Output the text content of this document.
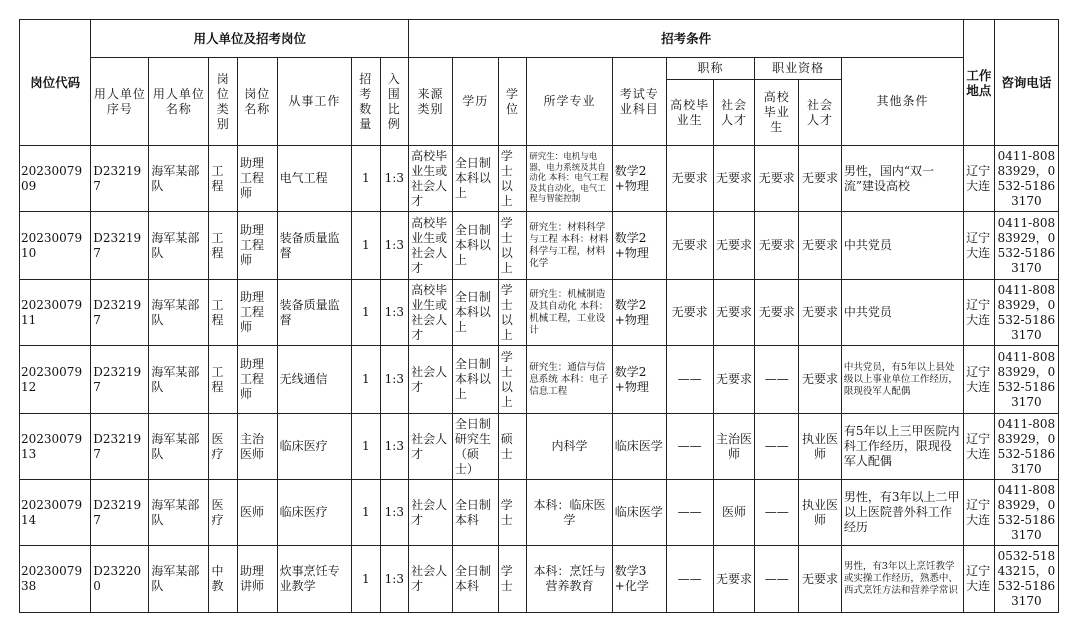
岗位代码	用人单位及招考岗位							招考条件										工作地点	咨询电话
	用人单位序号	用人单位名称	岗位类别	岗位名称	从事工作	招考数量	入围比例	来源类别	学历	学位	所学专业	考试专业科目	职称		职业资格		其他条件		
													高校毕业生	社会人才	高校毕业生	社会人才			
2023007909	D232197	海军某部队	工程	助理工程师	电气工程	1	1:3	高校毕业生或社会人才	全日制本科以上	学士以上	研究生：电机与电器，电力系统及其自动化 本科：电气工程及其自动化，电气工程与智能控制	数学2+物理	无要求	无要求	无要求	无要求	男性，国内“双一流”建设高校	辽宁大连	0411-80883929，0532-51863170
2023007910	D232197	海军某部队	工程	助理工程师	装备质量监督	1	1:3	高校毕业生或社会人才	全日制本科以上	学士以上	研究生：材料科学与工程 本科：材料科学与工程，材料化学	数学2+物理	无要求	无要求	无要求	无要求	中共党员	辽宁大连	0411-80883929，0532-51863170
2023007911	D232197	海军某部队	工程	助理工程师	装备质量监督	1	1:3	高校毕业生或社会人才	全日制本科以上	学士以上	研究生：机械制造及其自动化 本科：机械工程，工业设计	数学2+物理	无要求	无要求	无要求	无要求	中共党员	辽宁大连	0411-80883929，0532-51863170
2023007912	D232197	海军某部队	工程	助理工程师	无线通信	1	1:3	社会人才	全日制本科以上	学士以上	研究生：通信与信息系统 本科：电子信息工程	数学2+物理	——	无要求	——	无要求	中共党员，有5年以上县处级以上事业单位工作经历，限现役军人配偶	辽宁大连	0411-80883929，0532-51863170
2023007913	D232197	海军某部队	医疗	主治医师	临床医疗	1	1:3	社会人才	全日制研究生（硕士）	硕士	内科学	临床医学	——	主治医师	——	执业医师	有5年以上三甲医院内科工作经历，限现役军人配偶	辽宁大连	0411-80883929，0532-51863170
2023007914	D232197	海军某部队	医疗	医师	临床医疗	1	1:3	社会人才	全日制本科	学士	本科：临床医学	临床医学	——	医师	——	执业医师	男性，有3年以上二甲以上医院普外科工作经历	辽宁大连	0411-80883929，0532-51863170
2023007938	D232200	海军某部队	中教	助理讲师	炊事烹饪专业教学	1	1:3	社会人才	全日制本科	学士	本科：烹饪与营养教育	数学3+化学	——	无要求	——	无要求	男性，有3年以上烹饪教学或实操工作经历，熟悉中、西式烹饪方法和营养学常识	辽宁大连	0532-51843215，0532-51863170
